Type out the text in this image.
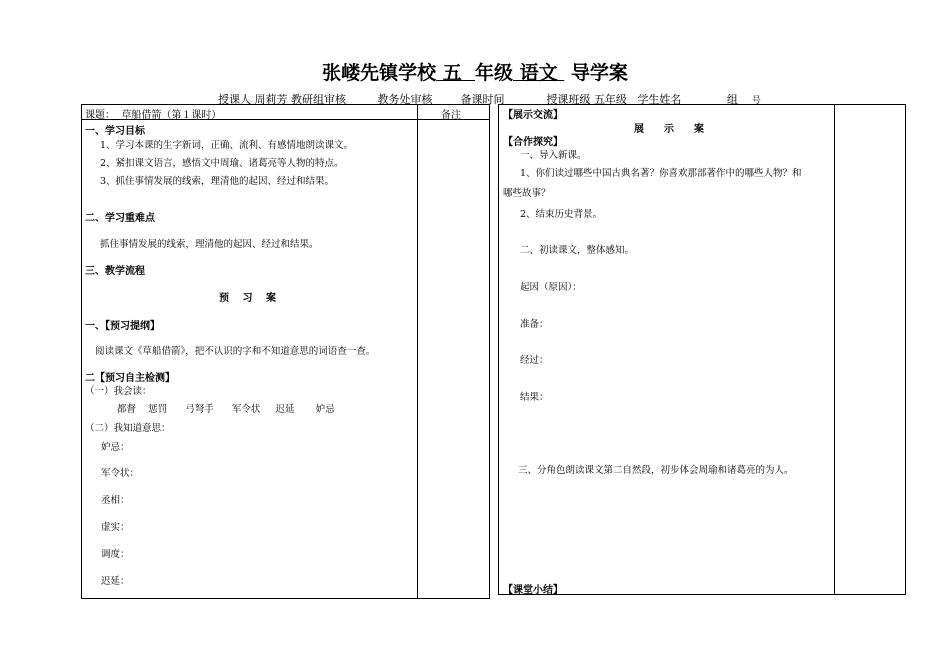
张嵝先镇学校 五 年级 语文 导学案
授课人 周莉芳 教研组审核	教务处审核	备课时间	授课班级 五年级 学生姓名	组 号
课题： 草船借箭（第１课时）	备注
一、学习目标
1、学习本课的生字新词，正确、流利、有感情地朗读课文。
2、紧扣课文语言，感悟文中周瑜、诸葛亮等人物的特点。
3、抓住事情发展的线索，理清他的起因、经过和结果。
二、学习重难点
抓住事情发展的线索，理清他的起因、经过和结果。
三、教学流程
预　 习　 案
一、【预习提纲】
阅读课文《草船借箭》，把不认识的字和不知道意思的词语查一查。
二【预习自主检测】
（一）我会读：
都督 惩罚 弓弩手 军令状 迟延 妒忌
（二）我知道意思：
妒忌：
军令状：
丞相：
虚实：
调度：
迟延：
【展示交流】
展　　示　　案
【合作探究】
一、导入新课。
1、你们读过哪些中国古典名著？你喜欢那部著作中的哪些人物？和
哪些故事？
2、结束历史背景。
二、初读课文，整体感知。
起因（原因）：
准备：
经过：
结果：
三、分角色朗读课文第二自然段，初步体会周瑜和诸葛亮的为人。
【课堂小结】
